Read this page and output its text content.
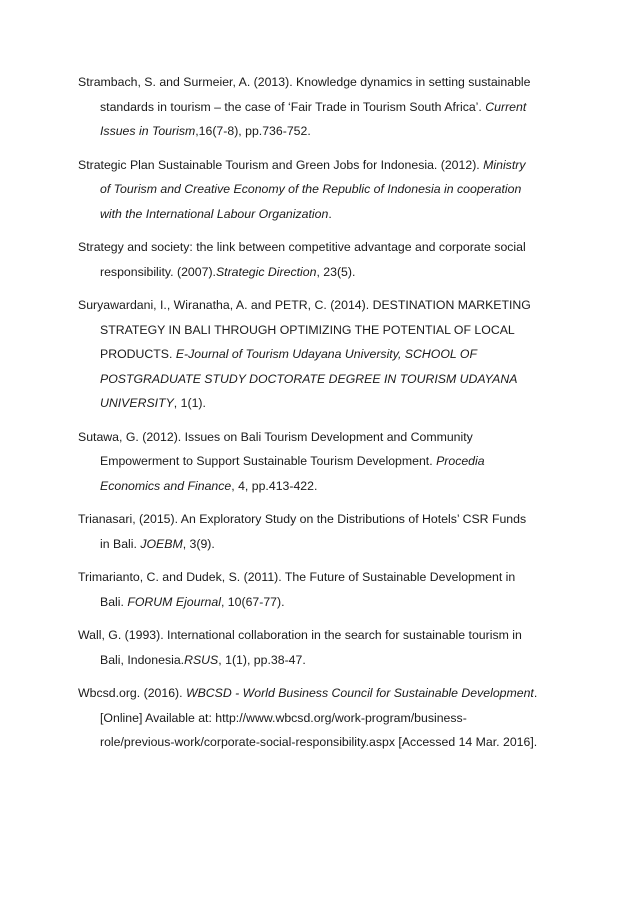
Strambach, S. and Surmeier, A. (2013). Knowledge dynamics in setting sustainable
standards in tourism – the case of ‘Fair Trade in Tourism South Africa’. Current
Issues in Tourism,16(7-8), pp.736-752.
Strategic Plan Sustainable Tourism and Green Jobs for Indonesia. (2012). Ministry
of Tourism and Creative Economy of the Republic of Indonesia in cooperation
with the International Labour Organization.
Strategy and society: the link between competitive advantage and corporate social
responsibility. (2007).Strategic Direction, 23(5).
Suryawardani, I., Wiranatha, A. and PETR, C. (2014). DESTINATION MARKETING
STRATEGY IN BALI THROUGH OPTIMIZING THE POTENTIAL OF LOCAL
PRODUCTS. E-Journal of Tourism Udayana University, SCHOOL OF
POSTGRADUATE STUDY DOCTORATE DEGREE IN TOURISM UDAYANA
UNIVERSITY, 1(1).
Sutawa, G. (2012). Issues on Bali Tourism Development and Community
Empowerment to Support Sustainable Tourism Development. Procedia
Economics and Finance, 4, pp.413-422.
Trianasari, (2015). An Exploratory Study on the Distributions of Hotels’ CSR Funds
in Bali. JOEBM, 3(9).
Trimarianto, C. and Dudek, S. (2011). The Future of Sustainable Development in
Bali. FORUM Ejournal, 10(67-77).
Wall, G. (1993). International collaboration in the search for sustainable tourism in
Bali, Indonesia.RSUS, 1(1), pp.38-47.
Wbcsd.org. (2016). WBCSD - World Business Council for Sustainable Development.
[Online] Available at: http://www.wbcsd.org/work-program/business-
role/previous-work/corporate-social-responsibility.aspx [Accessed 14 Mar. 2016].
